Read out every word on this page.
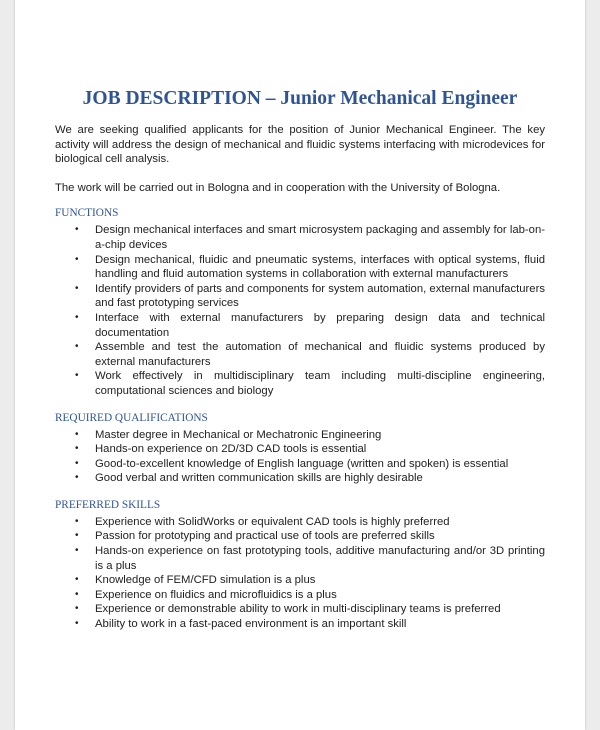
JOB DESCRIPTION – Junior Mechanical Engineer

We are seeking qualified applicants for the position of Junior Mechanical Engineer. The key activity will address the design of mechanical and fluidic systems interfacing with microdevices for biological cell analysis.

The work will be carried out in Bologna and in cooperation with the University of Bologna.

FUNCTIONS
• Design mechanical interfaces and smart microsystem packaging and assembly for lab-on-a-chip devices
• Design mechanical, fluidic and pneumatic systems, interfaces with optical systems, fluid handling and fluid automation systems in collaboration with external manufacturers
• Identify providers of parts and components for system automation, external manufacturers and fast prototyping services
• Interface with external manufacturers by preparing design data and technical documentation
• Assemble and test the automation of mechanical and fluidic systems produced by external manufacturers
• Work effectively in multidisciplinary team including multi-discipline engineering, computational sciences and biology
REQUIRED QUALIFICATIONS
• Master degree in Mechanical or Mechatronic Engineering
• Hands-on experience on 2D/3D CAD tools is essential
• Good-to-excellent knowledge of English language (written and spoken) is essential
• Good verbal and written communication skills are highly desirable
PREFERRED SKILLS
• Experience with SolidWorks or equivalent CAD tools is highly preferred
• Passion for prototyping and practical use of tools are preferred skills
• Hands-on experience on fast prototyping tools, additive manufacturing and/or 3D printing is a plus
• Knowledge of FEM/CFD simulation is a plus
• Experience on fluidics and microfluidics is a plus
• Experience or demonstrable ability to work in multi-disciplinary teams is preferred
• Ability to work in a fast-paced environment is an important skill
